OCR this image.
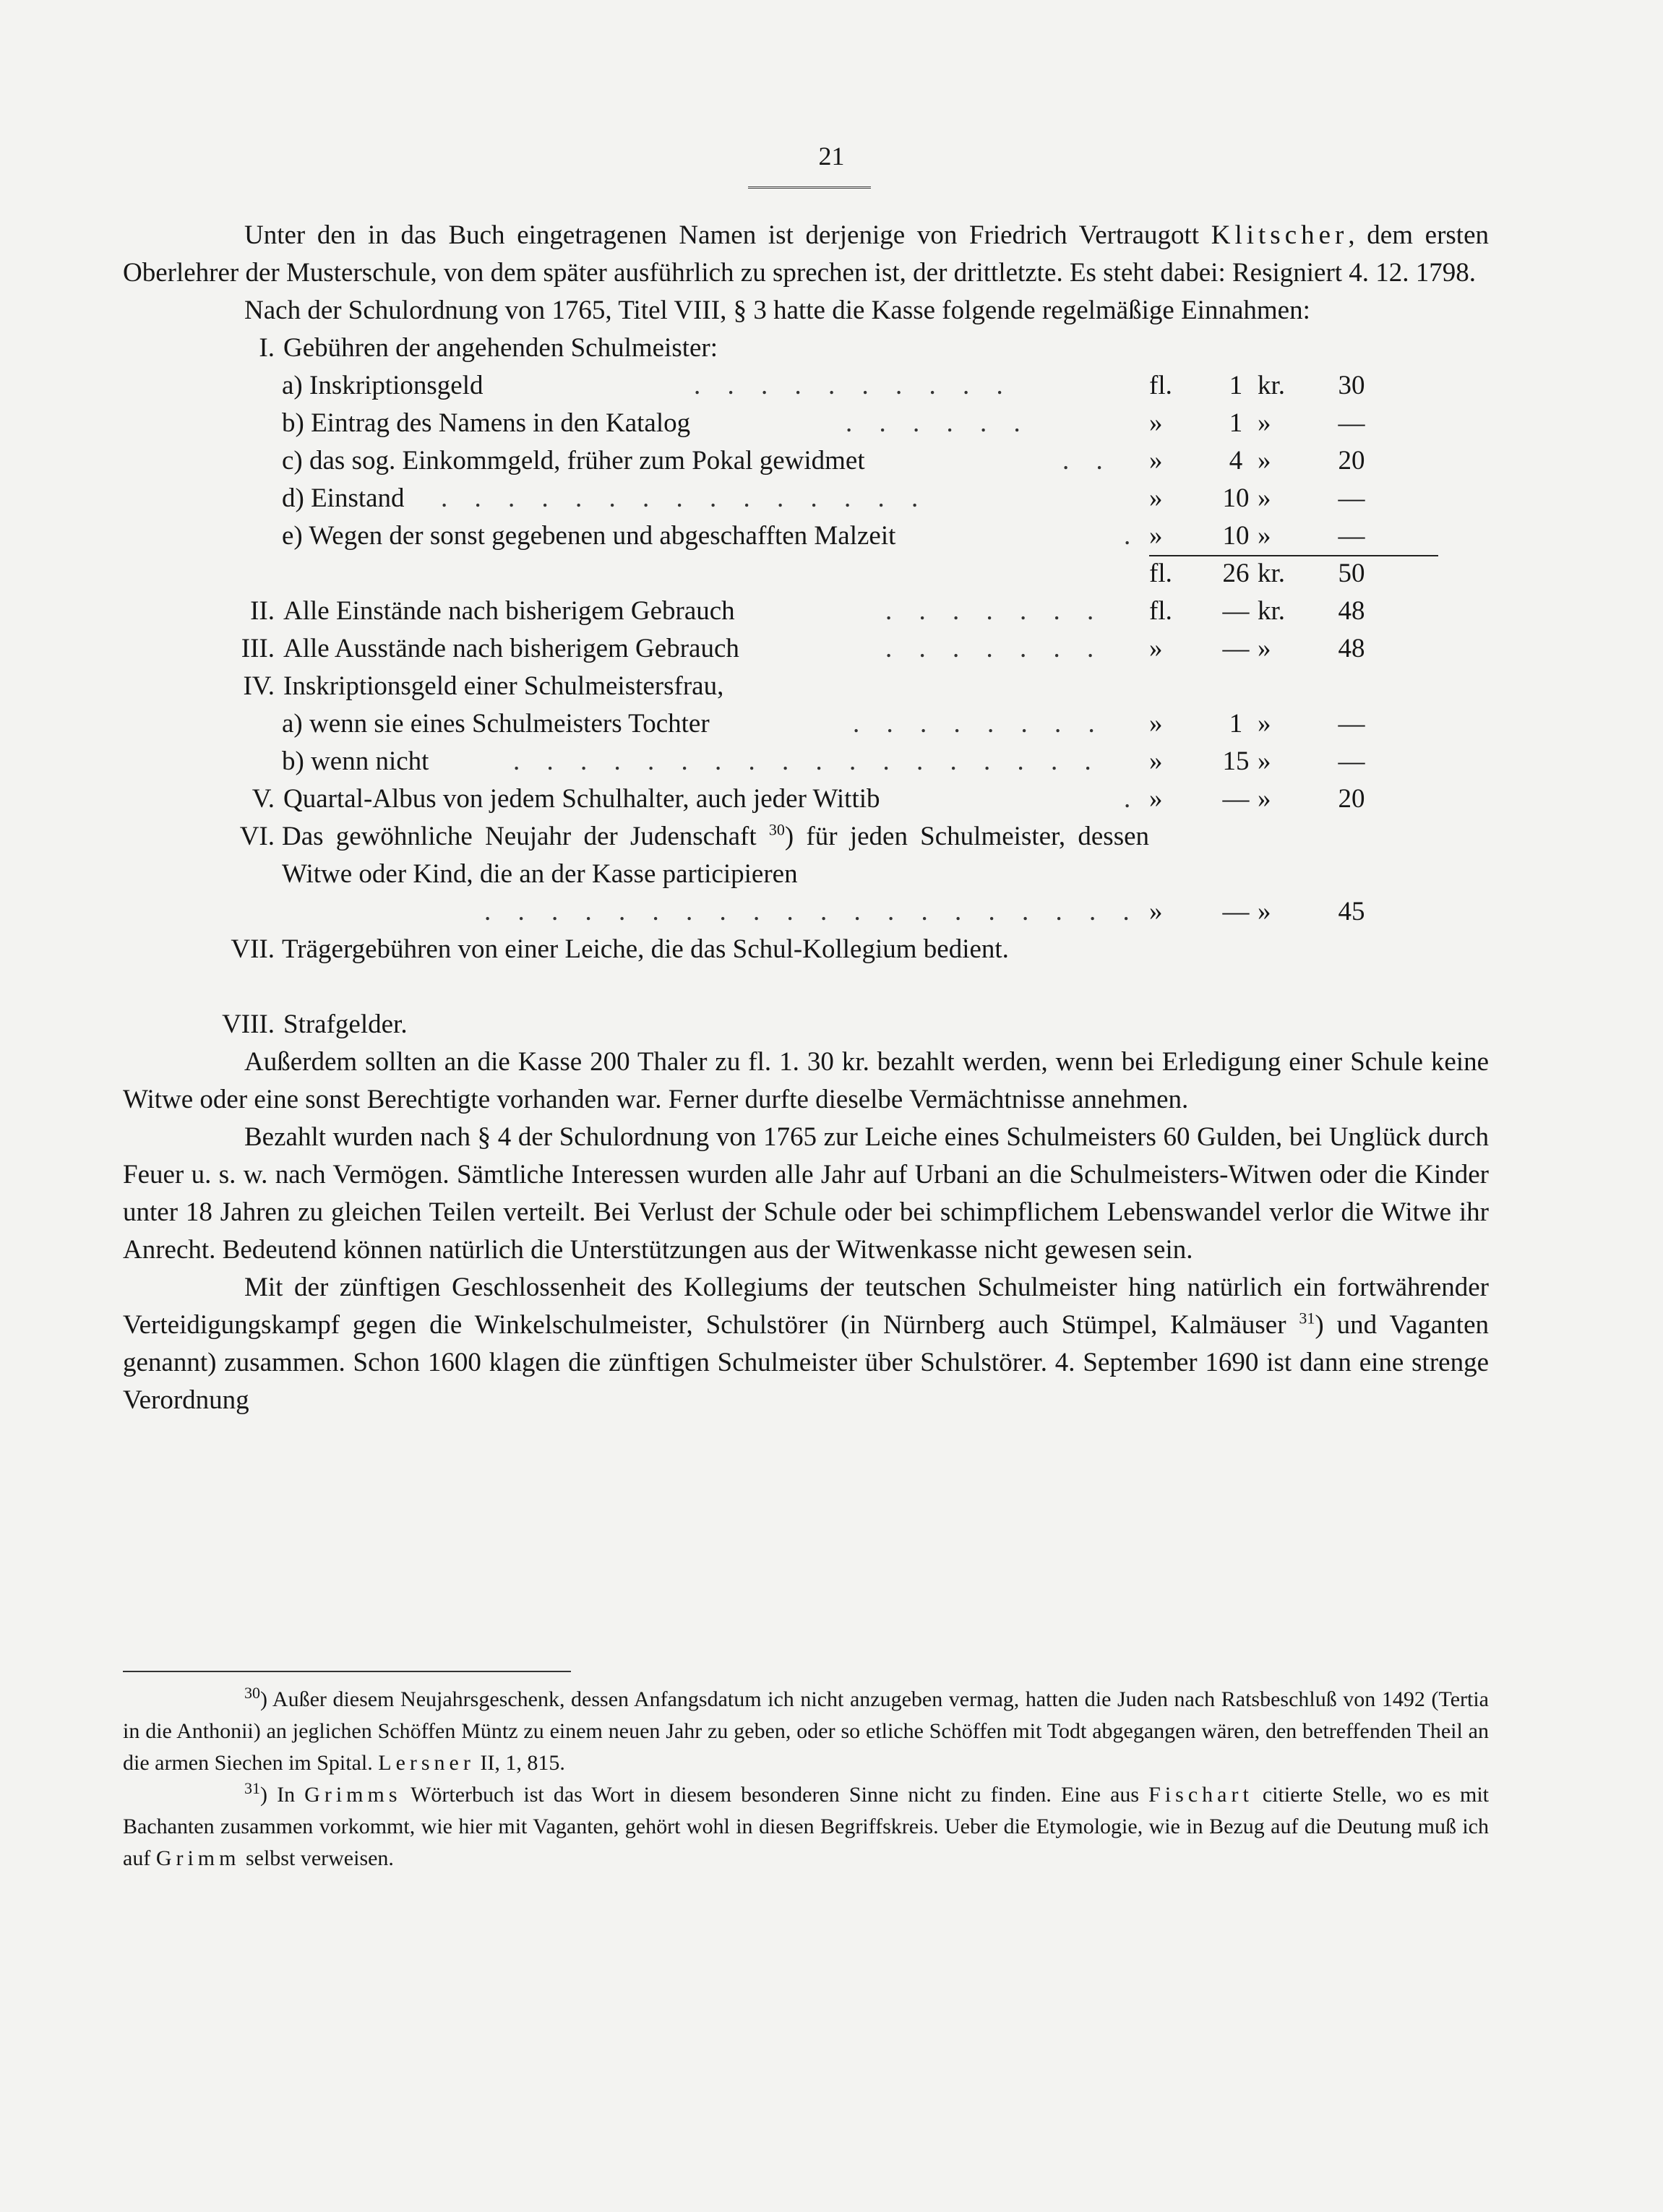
21

Unter den in das Buch eingetragenen Namen ist derjenige von Friedrich Vertraugott Klitscher, dem ersten Oberlehrer der Musterschule, von dem später ausführlich zu sprechen ist, der drittletzte. Es steht dabei: Resigniert 4. 12. 1798.

Nach der Schulordnung von 1765, Titel VIII, § 3 hatte die Kasse folgende regelmäßige Einnahmen:

I. Gebühren der angehenden Schulmeister:
a) Inskriptionsgeld	. . . . . . . . . .	fl.	1 kr.	30
b) Eintrag des Namens in den Katalog	. . . . . .	»	1 »	—
c) das sog. Einkommgeld, früher zum Pokal gewidmet	. . »	4 »	20
d) Einstand . . . . . . . . . . . . . . .	»	10 »	—
e) Wegen der sonst gegebenen und abgeschafften Malzeit	. »	10 »	—
fl.	26 kr.	50
II. Alle Einstände nach bisherigem Gebrauch	. . . . . . . fl.	— kr.	48
III. Alle Ausstände nach bisherigem Gebrauch	. . . . . . . »	— »	48
IV. Inskriptionsgeld einer Schulmeistersfrau,
a) wenn sie eines Schulmeisters Tochter	. . . . . . . . »	1 »	—
b) wenn nicht	. . . . . . . . . . . . . . . . . . »	15 »	—
V. Quartal-Albus von jedem Schulhalter, auch jeder Wittib	. »	— »	20
VI. Das gewöhnliche Neujahr der Judenschaft $^{30}$) für jeden Schulmeister, dessen Witwe oder Kind, die an der Kasse participieren
. . . . . . . . . . . . . . . . . . . . »	— »	45
VII. Trägergebühren von einer Leiche, die das Schul-Kollegium bedient.
VIII. Strafgelder.

Außerdem sollten an die Kasse 200 Thaler zu fl. 1. 30 kr. bezahlt werden, wenn bei Erledigung einer Schule keine Witwe oder eine sonst Berechtigte vorhanden war. Ferner durfte dieselbe Vermächtnisse annehmen.

Bezahlt wurden nach § 4 der Schulordnung von 1765 zur Leiche eines Schulmeisters 60 Gulden, bei Unglück durch Feuer u. s. w. nach Vermögen. Sämtliche Interessen wurden alle Jahr auf Urbani an die Schulmeisters-Witwen oder die Kinder unter 18 Jahren zu gleichen Teilen verteilt. Bei Verlust der Schule oder bei schimpflichem Lebenswandel verlor die Witwe ihr Anrecht. Bedeutend können natürlich die Unterstützungen aus der Witwenkasse nicht gewesen sein.

Mit der zünftigen Geschlossenheit des Kollegiums der teutschen Schulmeister hing natürlich ein fortwährender Verteidigungskampf gegen die Winkelschulmeister, Schulstörer (in Nürnberg auch Stümpel, Kalmäuser $^{31}$) und Vaganten genannt) zusammen. Schon 1600 klagen die zünftigen Schulmeister über Schulstörer. 4. September 1690 ist dann eine strenge Verordnung

$^{30}$) Außer diesem Neujahrsgeschenk, dessen Anfangsdatum ich nicht anzugeben vermag, hatten die Juden nach Ratsbeschluß von 1492 (Tertia in die Anthonii) an jeglichen Schöffen Müntz zu einem neuen Jahr zu geben, oder so etliche Schöffen mit Todt abgegangen wären, den betreffenden Theil an die armen Siechen im Spital. Lersner II, 1, 815.

$^{31}$) In Grimms Wörterbuch ist das Wort in diesem besonderen Sinne nicht zu finden. Eine aus Fischart citierte Stelle, wo es mit Bachanten zusammen vorkommt, wie hier mit Vaganten, gehört wohl in diesen Begriffskreis. Ueber die Etymologie, wie in Bezug auf die Deutung muß ich auf Grimm selbst verweisen.
